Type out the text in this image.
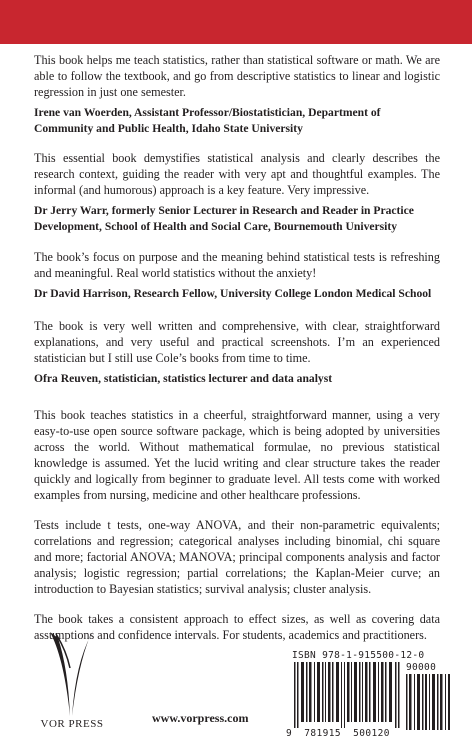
This book helps me teach statistics, rather than statistical software or math. We are able to follow the textbook, and go from descriptive statistics to linear and logistic regression in just one semester.

Irene van Woerden, Assistant Professor/Biostatistician, Department of Community and Public Health, Idaho State University

This essential book demystifies statistical analysis and clearly describes the research context, guiding the reader with very apt and thoughtful examples. The informal (and humorous) approach is a key feature. Very impressive.

Dr Jerry Warr, formerly Senior Lecturer in Research and Reader in Practice Development, School of Health and Social Care, Bournemouth University

The book’s focus on purpose and the meaning behind statistical tests is refreshing and meaningful. Real world statistics without the anxiety!

Dr David Harrison, Research Fellow, University College London Medical School

The book is very well written and comprehensive, with clear, straightforward explanations, and very useful and practical screenshots. I’m an experienced statistician but I still use Cole’s books from time to time.

Ofra Reuven, statistician, statistics lecturer and data analyst

This book teaches statistics in a cheerful, straightforward manner, using a very easy-to-use open source software package, which is being adopted by universities across the world. Without mathematical formulae, no previous statistical knowledge is assumed. Yet the lucid writing and clear structure takes the reader quickly and logically from beginner to graduate level. All tests come with worked examples from nursing, medicine and other healthcare professions.

Tests include t tests, one-way ANOVA, and their non-parametric equivalents; correlations and regression; categorical analyses including binomial, chi square and more; factorial ANOVA; MANOVA; principal components analysis and factor analysis; logistic regression; partial correlations; the Kaplan-Meier curve; an introduction to Bayesian statistics; survival analysis; cluster analysis.

The book takes a consistent approach to effect sizes, as well as covering data assumptions and confidence intervals. For students, academics and practitioners.

VOR PRESS	www.vorpress.com
ISBN 978-1-915500-12-0
90000
9 781915 500120
